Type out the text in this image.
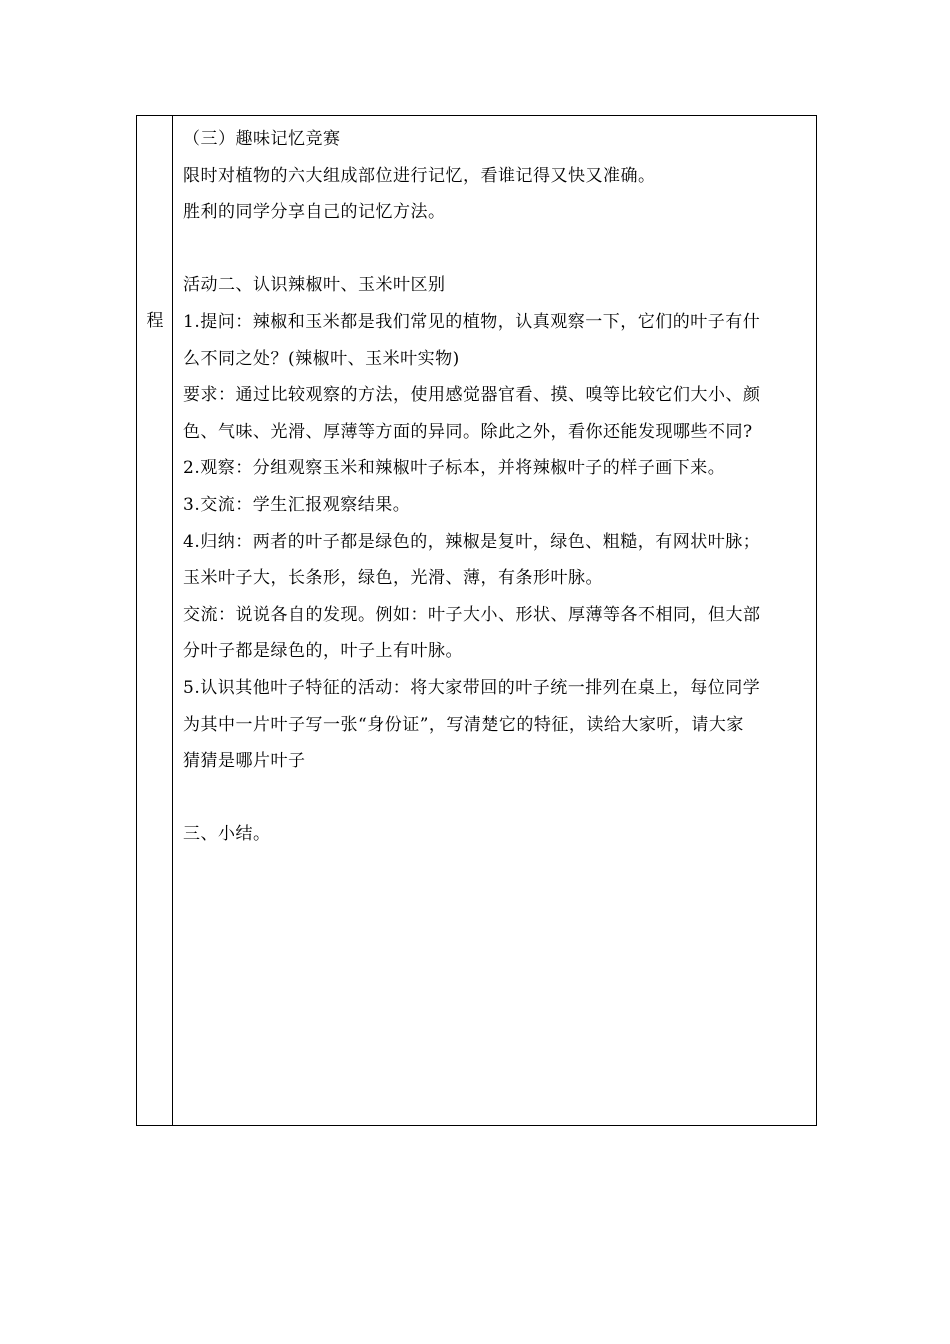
程
（三）趣味记忆竞赛
限时对植物的六大组成部位进行记忆，看谁记得又快又准确。
胜利的同学分享自己的记忆方法。
活动二、认识辣椒叶、玉米叶区别
1.提问：辣椒和玉米都是我们常见的植物，认真观察一下，它们的叶子有什
么不同之处？(辣椒叶、玉米叶实物)
要求：通过比较观察的方法，使用感觉器官看、摸、嗅等比较它们大小、颜
色、气味、光滑、厚薄等方面的异同。除此之外，看你还能发现哪些不同?
2.观察：分组观察玉米和辣椒叶子标本，并将辣椒叶子的样子画下来。
3.交流：学生汇报观察结果。
4.归纳：两者的叶子都是绿色的，辣椒是复叶，绿色、粗糙，有网状叶脉；
玉米叶子大，长条形，绿色，光滑、薄，有条形叶脉。
交流：说说各自的发现。例如：叶子大小、形状、厚薄等各不相同，但大部
分叶子都是绿色的，叶子上有叶脉。
5.认识其他叶子特征的活动：将大家带回的叶子统一排列在桌上，每位同学
为其中一片叶子写一张“身份证”，写清楚它的特征，读给大家听，请大家
猜猜是哪片叶子
三、小结。
